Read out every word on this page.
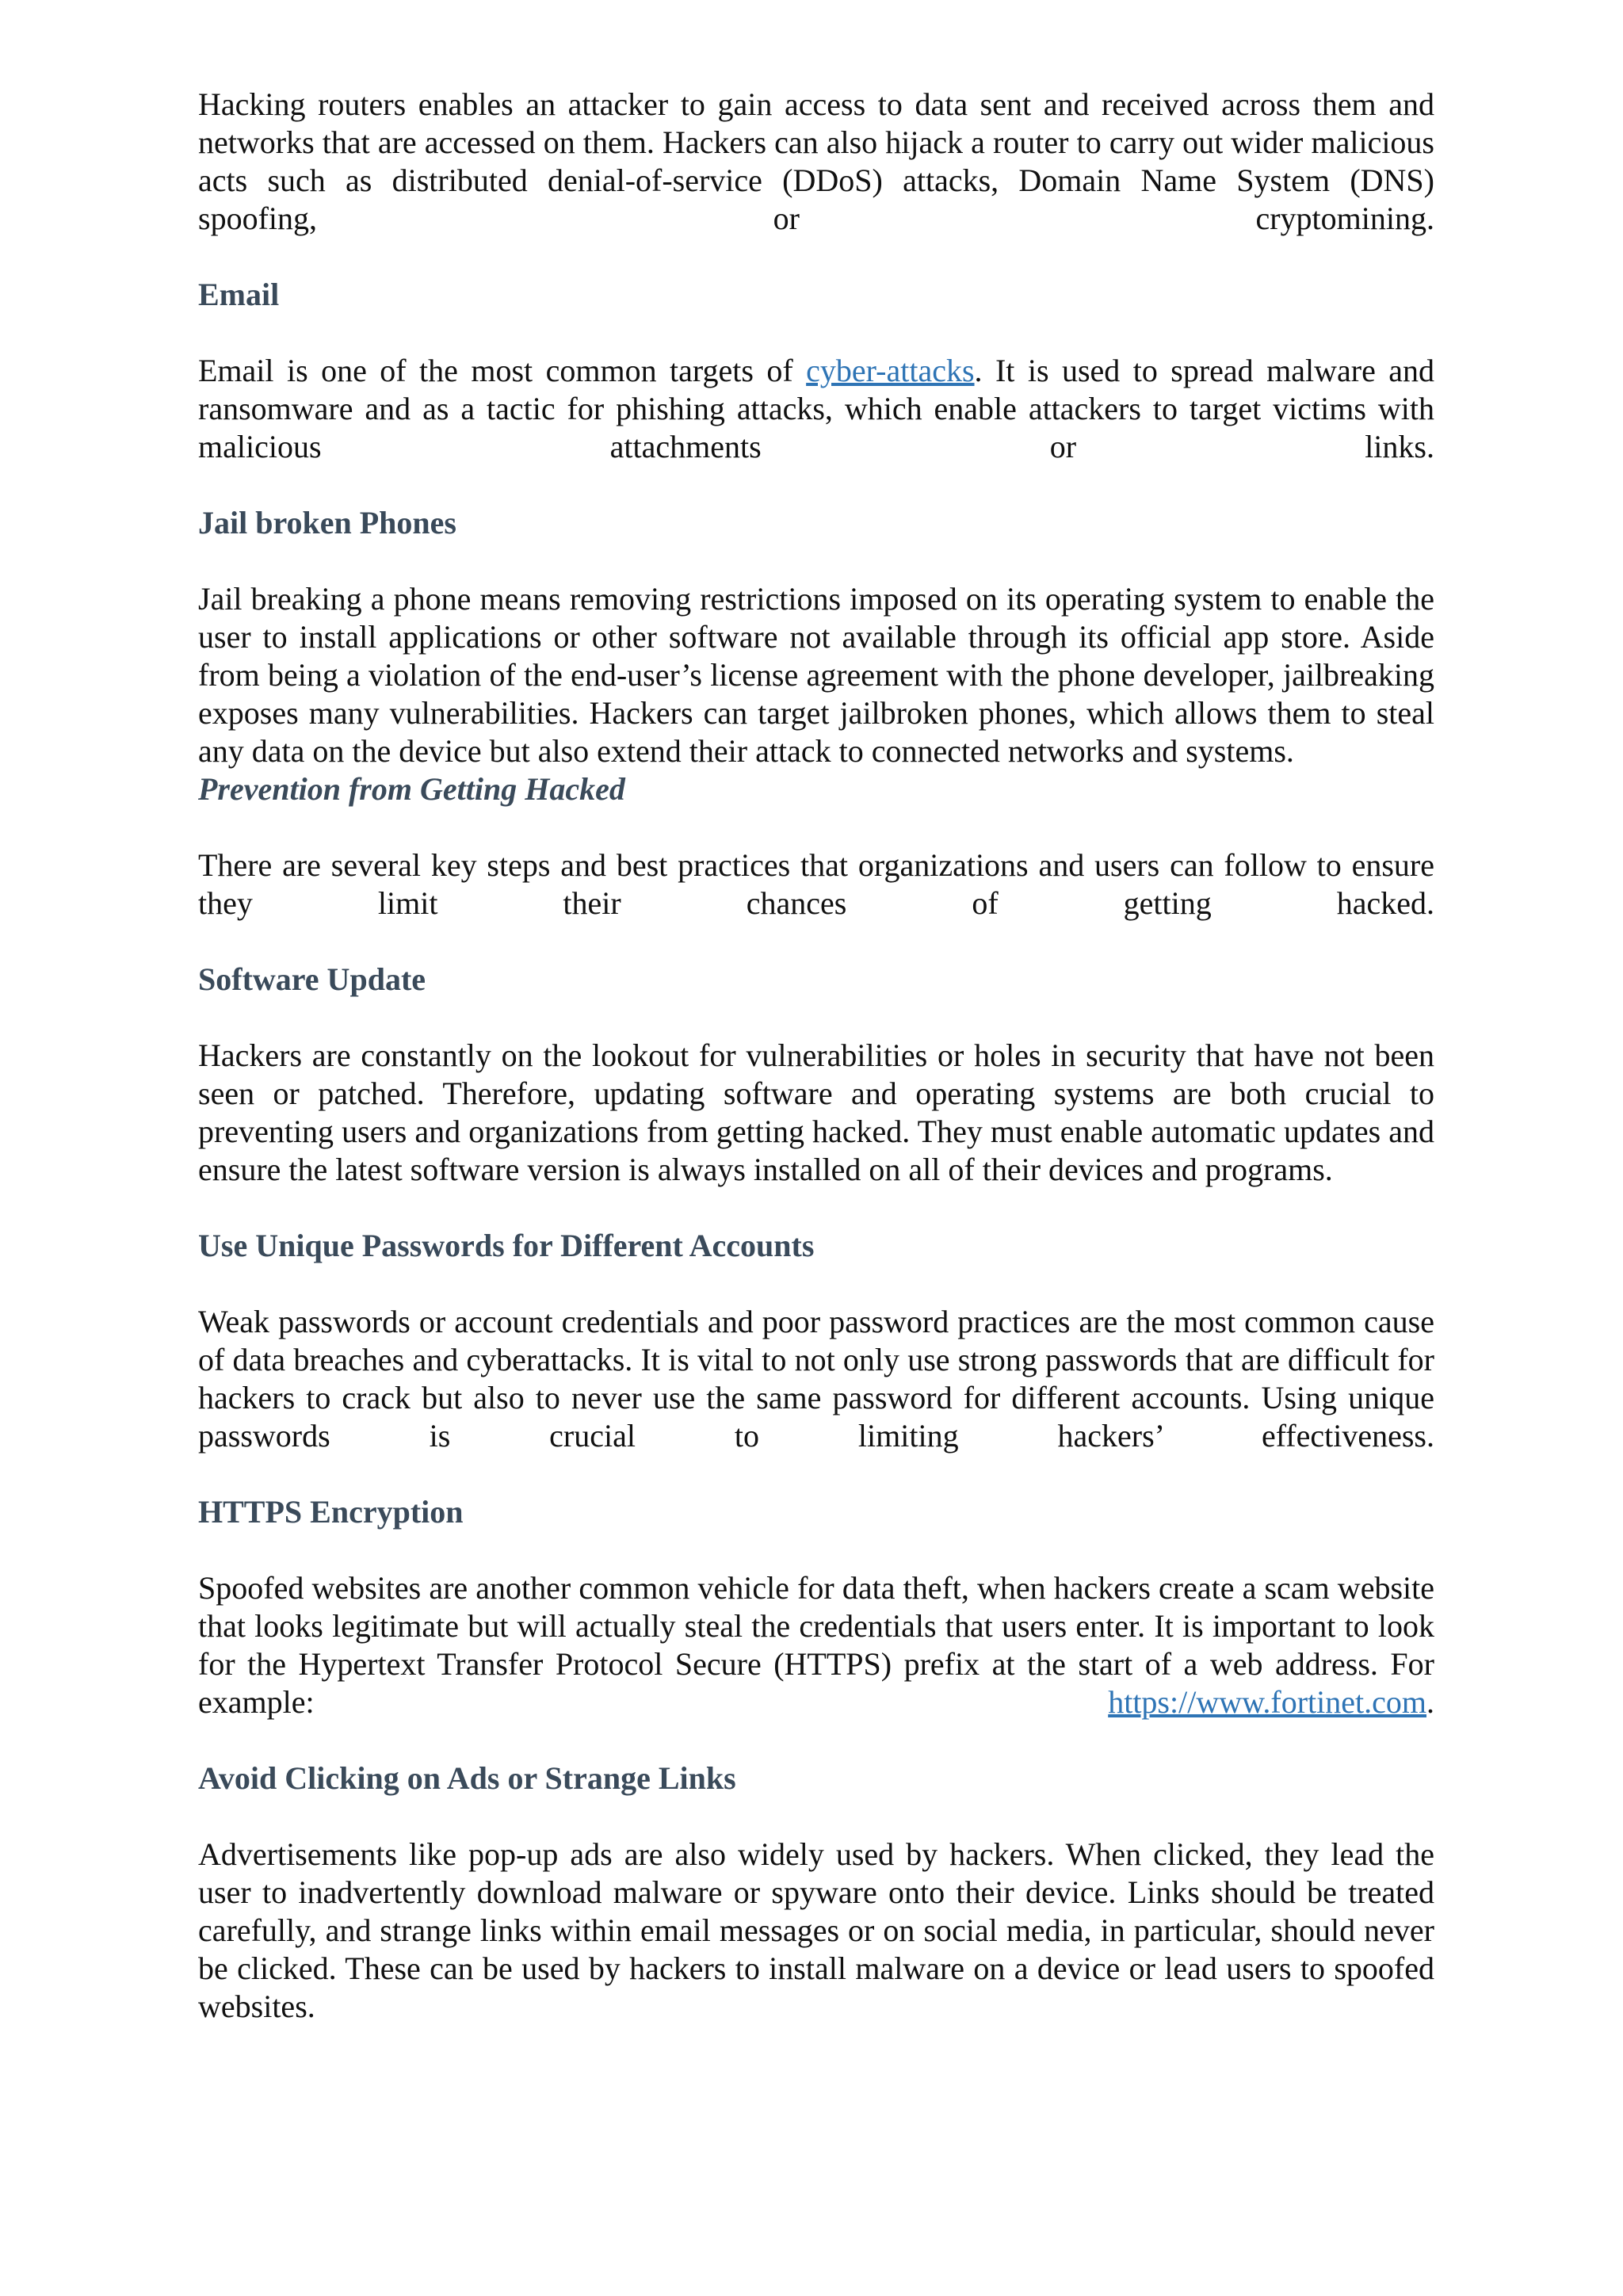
Hacking routers enables an attacker to gain access to data sent and received across them and networks that are accessed on them. Hackers can also hijack a router to carry out wider malicious acts such as distributed denial-of-service (DDoS) attacks, Domain Name System (DNS) spoofing, or cryptomining.

Email

Email is one of the most common targets of cyber-attacks. It is used to spread malware and ransomware and as a tactic for phishing attacks, which enable attackers to target victims with malicious attachments or links.

Jail broken Phones

Jail breaking a phone means removing restrictions imposed on its operating system to enable the user to install applications or other software not available through its official app store. Aside from being a violation of the end-user’s license agreement with the phone developer, jailbreaking exposes many vulnerabilities. Hackers can target jailbroken phones, which allows them to steal any data on the device but also extend their attack to connected networks and systems.

Prevention from Getting Hacked

There are several key steps and best practices that organizations and users can follow to ensure they limit their chances of getting hacked.

Software Update

Hackers are constantly on the lookout for vulnerabilities or holes in security that have not been seen or patched. Therefore, updating software and operating systems are both crucial to preventing users and organizations from getting hacked. They must enable automatic updates and ensure the latest software version is always installed on all of their devices and programs.

Use Unique Passwords for Different Accounts

Weak passwords or account credentials and poor password practices are the most common cause of data breaches and cyberattacks. It is vital to not only use strong passwords that are difficult for hackers to crack but also to never use the same password for different accounts. Using unique passwords is crucial to limiting hackers’ effectiveness.

HTTPS Encryption

Spoofed websites are another common vehicle for data theft, when hackers create a scam website that looks legitimate but will actually steal the credentials that users enter. It is important to look for the Hypertext Transfer Protocol Secure (HTTPS) prefix at the start of a web address. For example: https://www.fortinet.com.

Avoid Clicking on Ads or Strange Links

Advertisements like pop-up ads are also widely used by hackers. When clicked, they lead the user to inadvertently download malware or spyware onto their device. Links should be treated carefully, and strange links within email messages or on social media, in particular, should never be clicked. These can be used by hackers to install malware on a device or lead users to spoofed websites.
